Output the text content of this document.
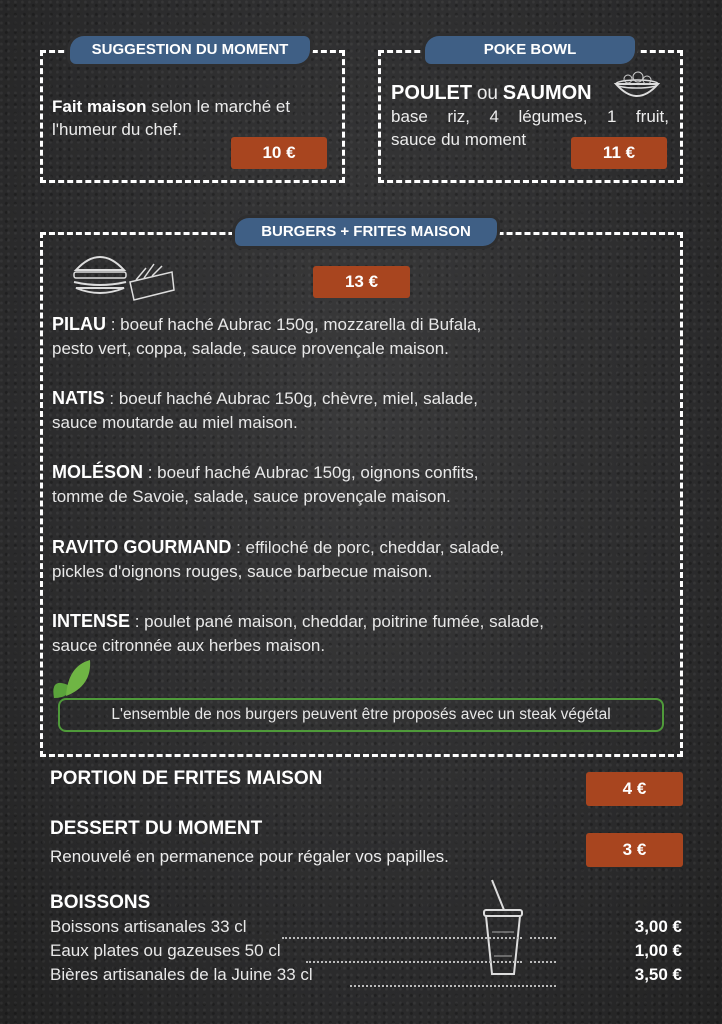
SUGGESTION DU MOMENT
Fait maison selon le marché et
l'humeur du chef.
10 €
POKE BOWL
POULET ou SAUMON
base riz, 4 légumes, 1 fruit,
sauce du moment
11 €
BURGERS + FRITES MAISON
13 €
PILAU : boeuf haché Aubrac 150g, mozzarella di Bufala,
pesto vert, coppa, salade, sauce provençale maison.
NATIS : boeuf haché Aubrac 150g, chèvre, miel, salade,
sauce moutarde au miel maison.
MOLÉSON : boeuf haché Aubrac 150g, oignons confits,
tomme de Savoie, salade, sauce provençale maison.
RAVITO GOURMAND : effiloché de porc, cheddar, salade,
pickles d'oignons rouges, sauce barbecue maison.
INTENSE : poulet pané maison, cheddar, poitrine fumée, salade,
sauce citronnée aux herbes maison.
L'ensemble de nos burgers peuvent être proposés avec un steak végétal
PORTION DE FRITES MAISON	4 €
DESSERT DU MOMENT
Renouvelé en permanence pour régaler vos papilles.	3 €
BOISSONS
Boissons artisanales 33 cl	3,00 €
Eaux plates ou gazeuses 50 cl	1,00 €
Bières artisanales de la Juine 33 cl	3,50 €
